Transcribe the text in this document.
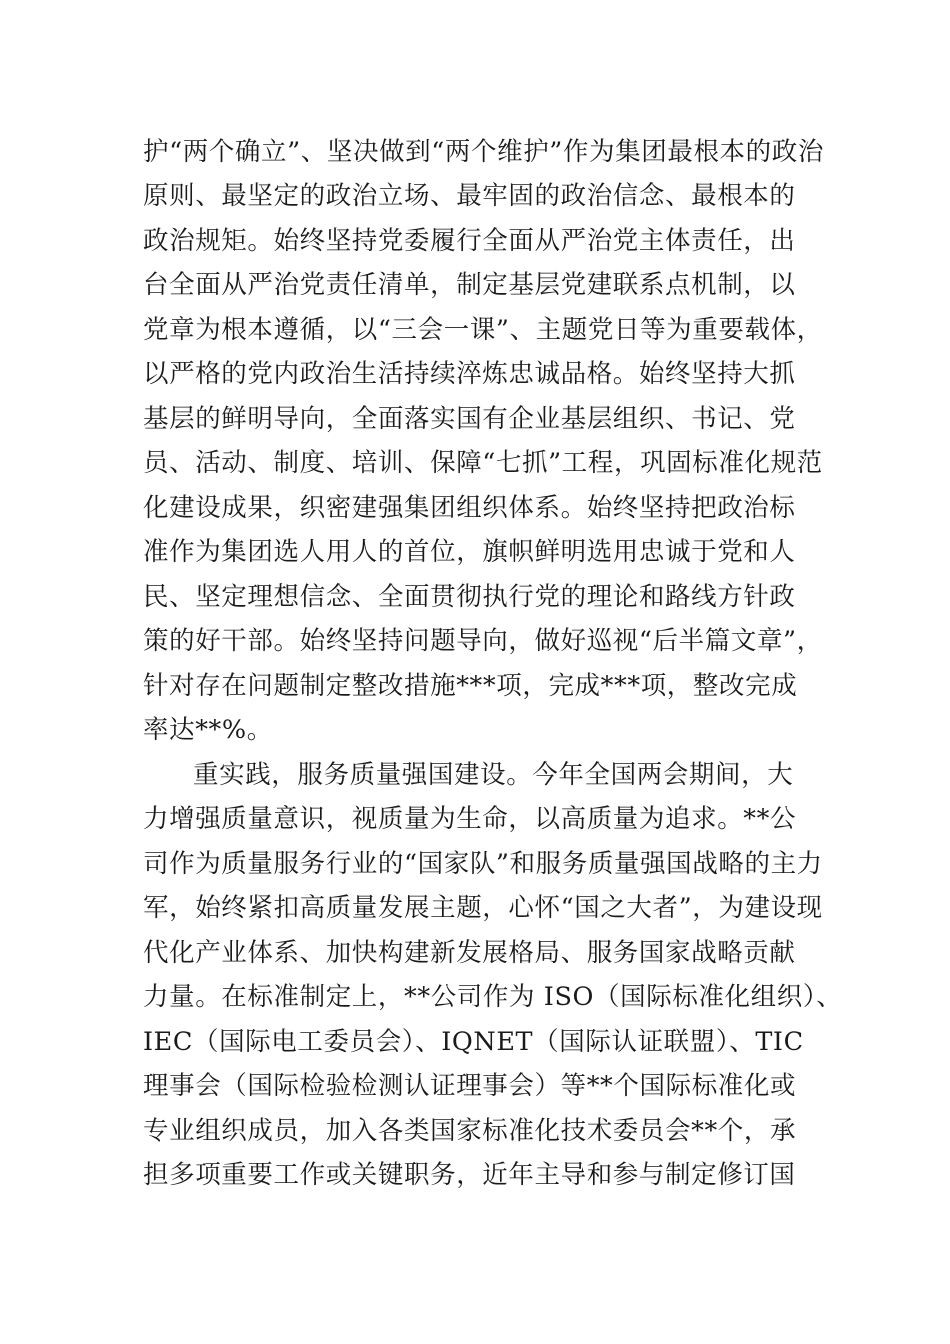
护“两个确立”、坚决做到“两个维护”作为集团最根本的政治
原则、最坚定的政治立场、最牢固的政治信念、最根本的
政治规矩。始终坚持党委履行全面从严治党主体责任，出
台全面从严治党责任清单，制定基层党建联系点机制，以
党章为根本遵循，以“三会一课”、主题党日等为重要载体，
以严格的党内政治生活持续淬炼忠诚品格。始终坚持大抓
基层的鲜明导向，全面落实国有企业基层组织、书记、党
员、活动、制度、培训、保障“七抓”工程，巩固标准化规范
化建设成果，织密建强集团组织体系。始终坚持把政治标
准作为集团选人用人的首位，旗帜鲜明选用忠诚于党和人
民、坚定理想信念、全面贯彻执行党的理论和路线方针政
策的好干部。始终坚持问题导向，做好巡视“后半篇文章”，
针对存在问题制定整改措施***项，完成***项，整改完成
率达**%。
重实践，服务质量强国建设。今年全国两会期间，大
力增强质量意识，视质量为生命，以高质量为追求。**公
司作为质量服务行业的“国家队”和服务质量强国战略的主力
军，始终紧扣高质量发展主题，心怀“国之大者”，为建设现
代化产业体系、加快构建新发展格局、服务国家战略贡献
力量。在标准制定上，**公司作为 ISO（国际标准化组织）、
IEC（国际电工委员会）、IQNET（国际认证联盟）、TIC
理事会（国际检验检测认证理事会）等**个国际标准化或
专业组织成员，加入各类国家标准化技术委员会**个，承
担多项重要工作或关键职务，近年主导和参与制定修订国
